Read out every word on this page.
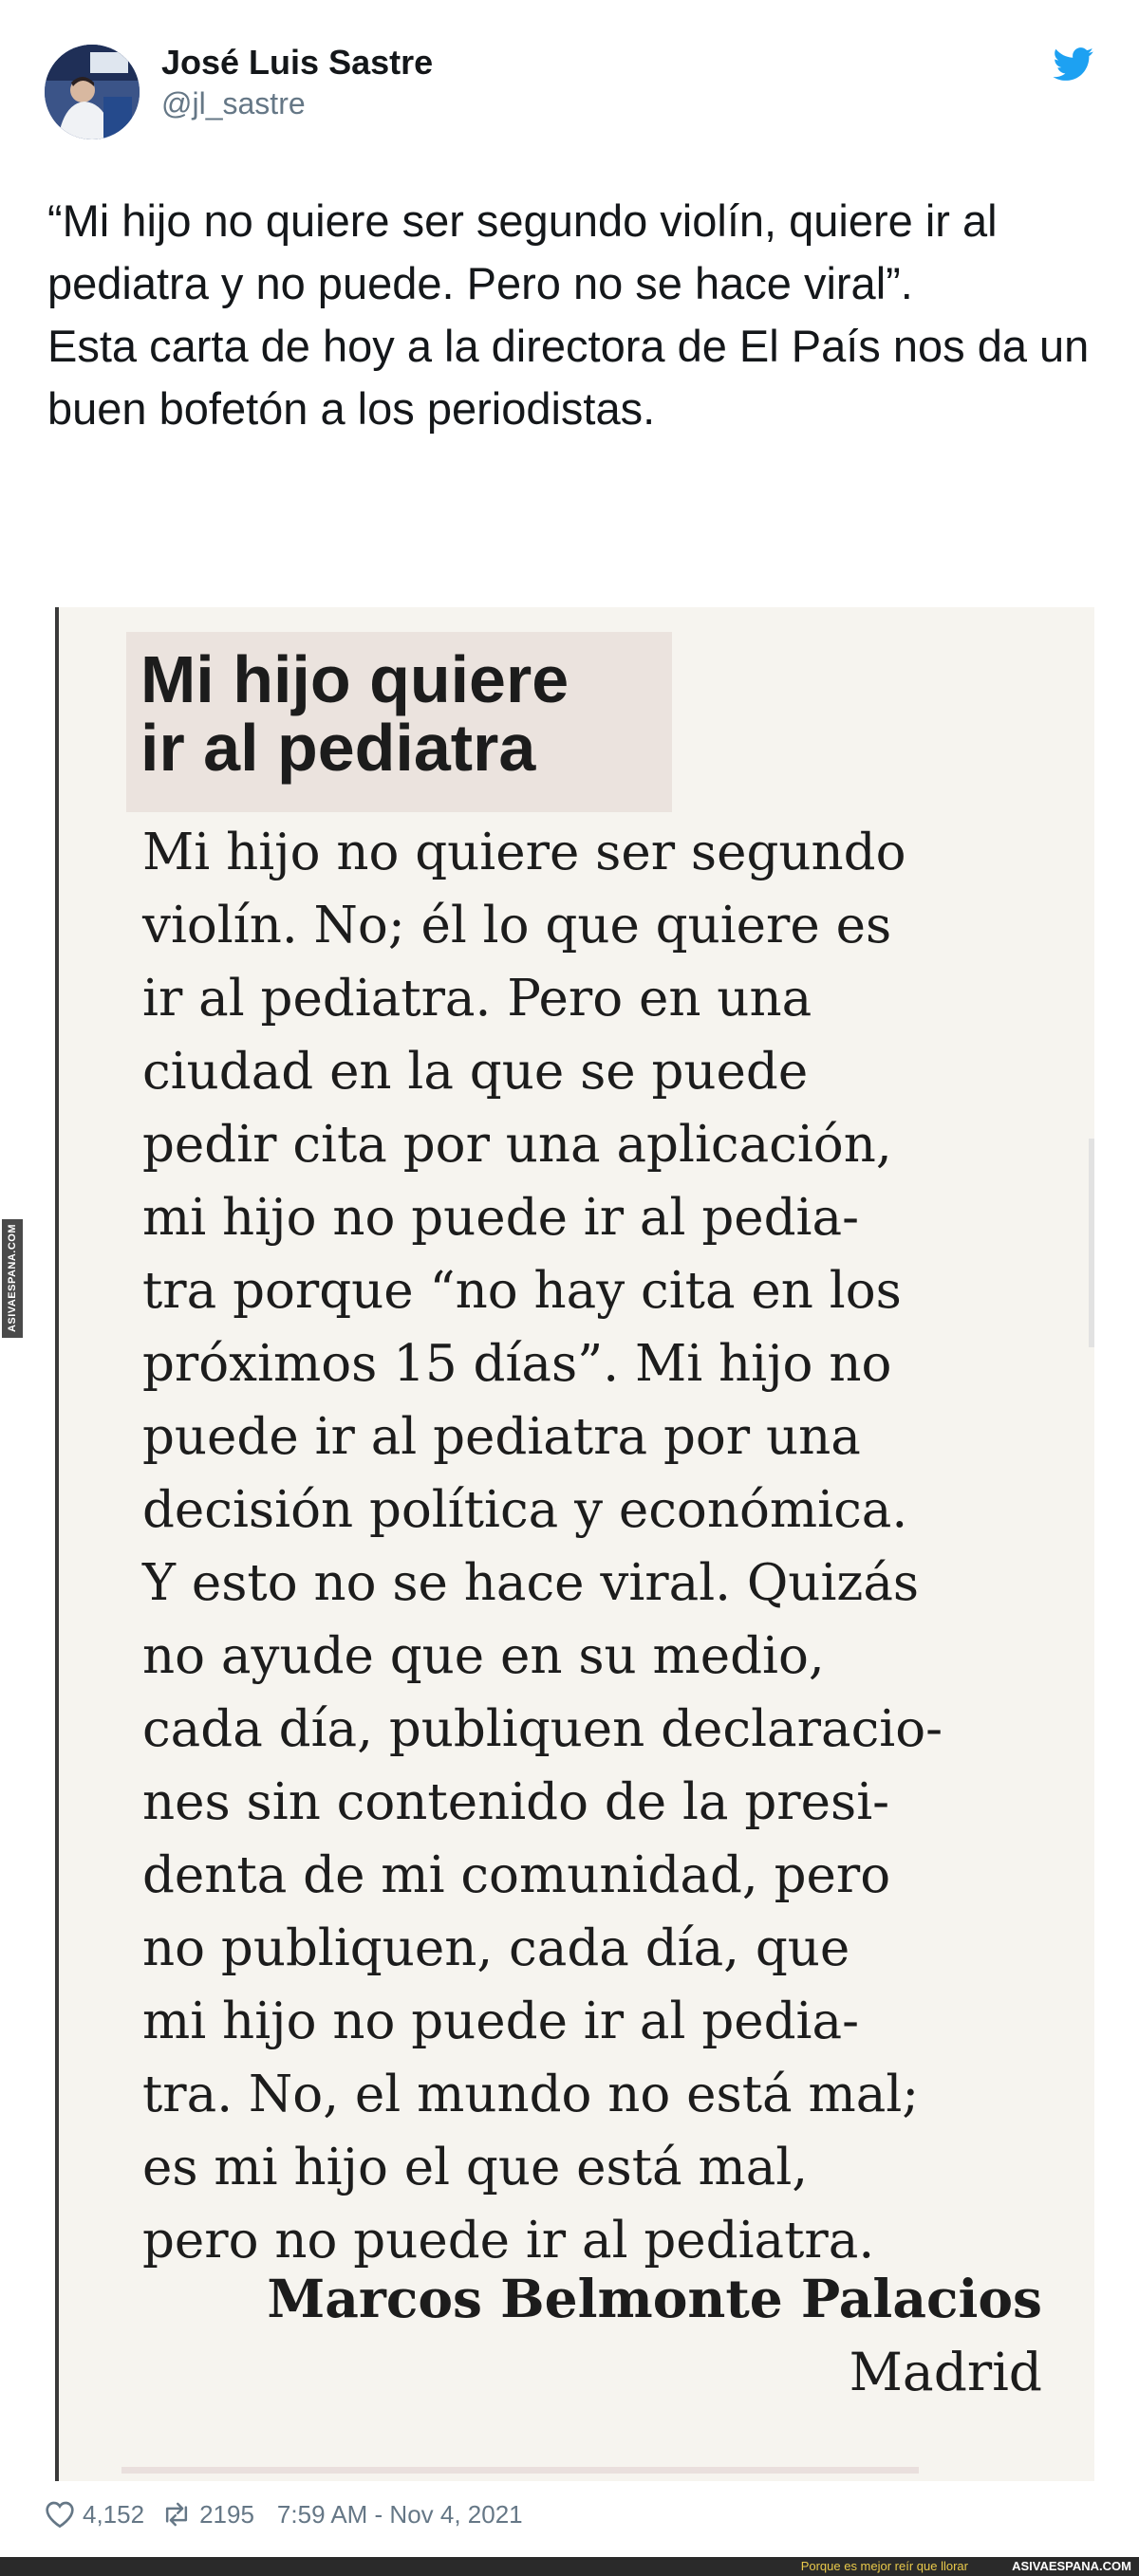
José Luis Sastre
@jl_sastre

“Mi hijo no quiere ser segundo violín, quiere ir al pediatra y no puede. Pero no se hace viral”.

Esta carta de hoy a la directora de El País nos da un buen bofetón a los periodistas.

Mi hijo quiere
ir al pediatra
Mi hijo no quiere ser segundo
violín. No; él lo que quiere es
ir al pediatra. Pero en una
ciudad en la que se puede
pedir cita por una aplicación,
mi hijo no puede ir al pedia-
tra porque “no hay cita en los
próximos 15 días”. Mi hijo no
puede ir al pediatra por una
decisión política y económica.
Y esto no se hace viral. Quizás
no ayude que en su medio,
cada día, publiquen declaracio-
nes sin contenido de la presi-
denta de mi comunidad, pero
no publiquen, cada día, que
mi hijo no puede ir al pedia-
tra. No, el mundo no está mal;
es mi hijo el que está mal,
pero no puede ir al pediatra.
Marcos Belmonte Palacios
Madrid
ASIVAESPANA.COM
4,152 2195 7:59 AM - Nov 4, 2021
Porque es mejor reír que llorar	ASIVAESPANA.COM
